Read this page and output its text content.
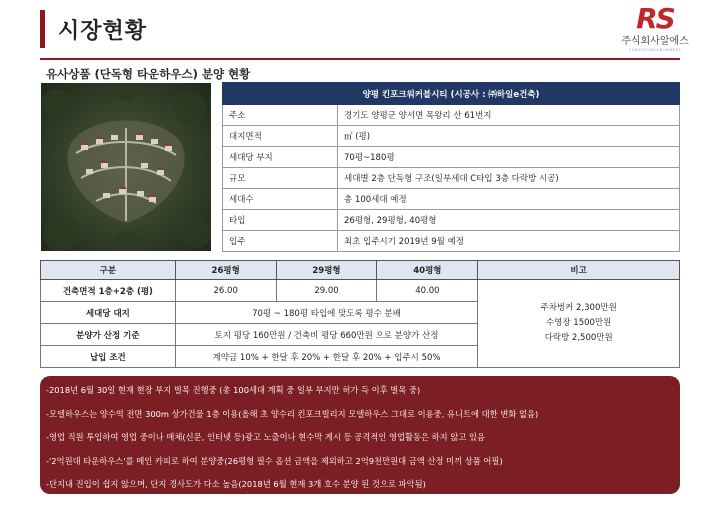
시장현황	RS
주식회사알에스
CONSULTING&BUSINESS
유사상품 (단독형 타운하우스) 분양 현황
양평 킨포크워커블시티 (시공사 : ㈜하일e건축)	
주소	경기도 양평군 양서면 목왕리 산 61번지
대지면적	㎡ (평)
세대당 부지	70평~180평
규모	세대별 2층 단독형 구조(일부세대 C타입 3층 다락방 시공)
세대수	총 100세대 예정
타입	26평형, 29평형, 40평형
입주	최초 입주시기 2019년 9월 예정
구분	26평형	29평형	40평형	비고
건축면적 1층+2층 (평)	26.00	29.00	40.00	주차벙커 2,300만원
수영장 1500만원
다락방 2,500만원

세대당 대지	70평 ~ 180평 타입에 맞도록 평수 분배			
분양가 산정 기준	토지 평당 160만원 / 건축비 평당 660만원 으로 분양가 산정			
납입 조건	계약금 10% + 한달 후 20% + 한달 후 20% + 입주시 50%			
-2018년 6월 30일 현재 현장 부지 벌목 진행중 (총 100세대 계획 중 일부 부지만 허가 득 이후 벌목 중)
-모델하우스는 양수역 전면 300m 상가건물 1층 이용(올해 초 양수리 킨포크빌리지 모델하우스 그대로 이용중, 유니트에 대한 변화 없음)
-영업 직원 투입하여 영업 중이나 매체(신문, 인터넷 등)광고 노출이나 현수막 게시 등 공격적인 영업활동은 하지 않고 있음
-'2억원대 타운하우스'를 메인 카피로 하여 분양중(26평형 필수 옵션 금액을 제외하고 2억9천만원대 금액 산정 미끼 상품 어필)
-단지내 진입이 쉽지 않으며, 단지 경사도가 다소 높음(2018년 6월 현재 3개 호수 분양 된 것으로 파악됨)
